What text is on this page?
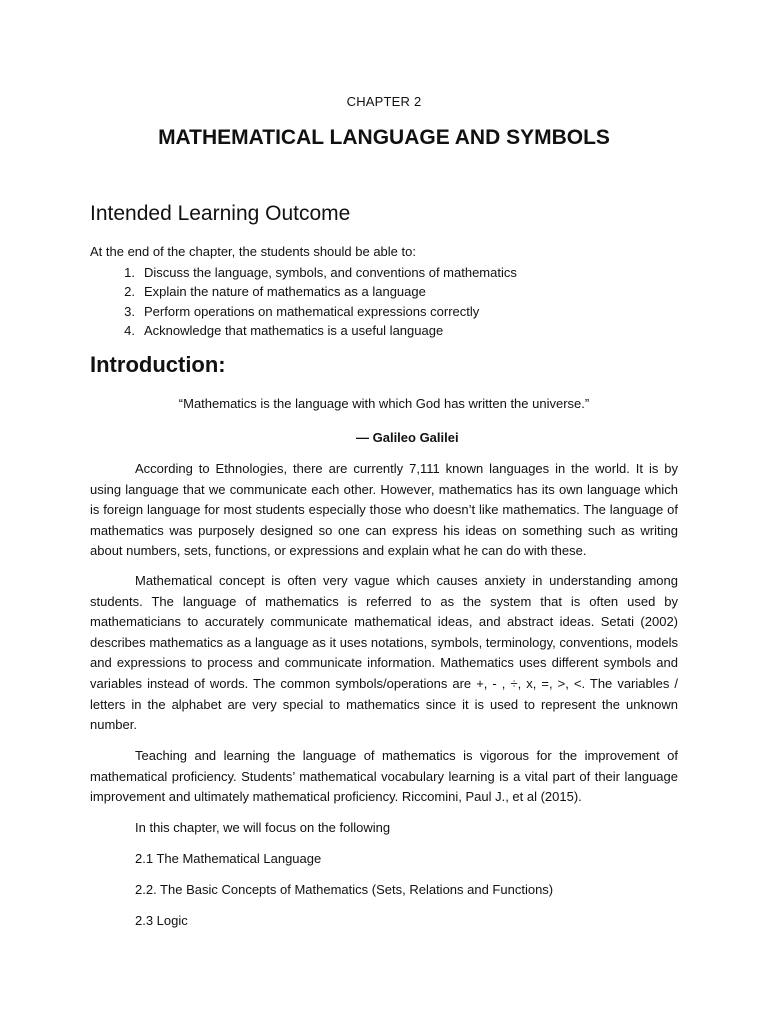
CHAPTER 2
MATHEMATICAL LANGUAGE AND SYMBOLS
Intended Learning Outcome
At the end of the chapter, the students should be able to:
1. Discuss the language, symbols, and conventions of mathematics
2. Explain the nature of mathematics as a language
3. Perform operations on mathematical expressions correctly
4. Acknowledge that mathematics is a useful language
Introduction:
“Mathematics is the language with which God has written the universe.”
— Galileo Galilei

According to Ethnologies, there are currently 7,111 known languages in the world. It is by using language that we communicate each other. However, mathematics has its own language which is foreign language for most students especially those who doesn’t like mathematics. The language of mathematics was purposely designed so one can express his ideas on something such as writing about numbers, sets, functions, or expressions and explain what he can do with these.

Mathematical concept is often very vague which causes anxiety in understanding among students. The language of mathematics is referred to as the system that is often used by mathematicians to accurately communicate mathematical ideas, and abstract ideas. Setati (2002) describes mathematics as a language as it uses notations, symbols, terminology, conventions, models and expressions to process and communicate information. Mathematics uses different symbols and variables instead of words. The common symbols/operations are +, - , ÷, x, =, >, <. The variables / letters in the alphabet are very special to mathematics since it is used to represent the unknown number.

Teaching and learning the language of mathematics is vigorous for the improvement of mathematical proficiency. Students’ mathematical vocabulary learning is a vital part of their language improvement and ultimately mathematical proficiency. Riccomini, Paul J., et al (2015).

In this chapter, we will focus on the following

2.1 The Mathematical Language
2.2. The Basic Concepts of Mathematics (Sets, Relations and Functions)
2.3 Logic
